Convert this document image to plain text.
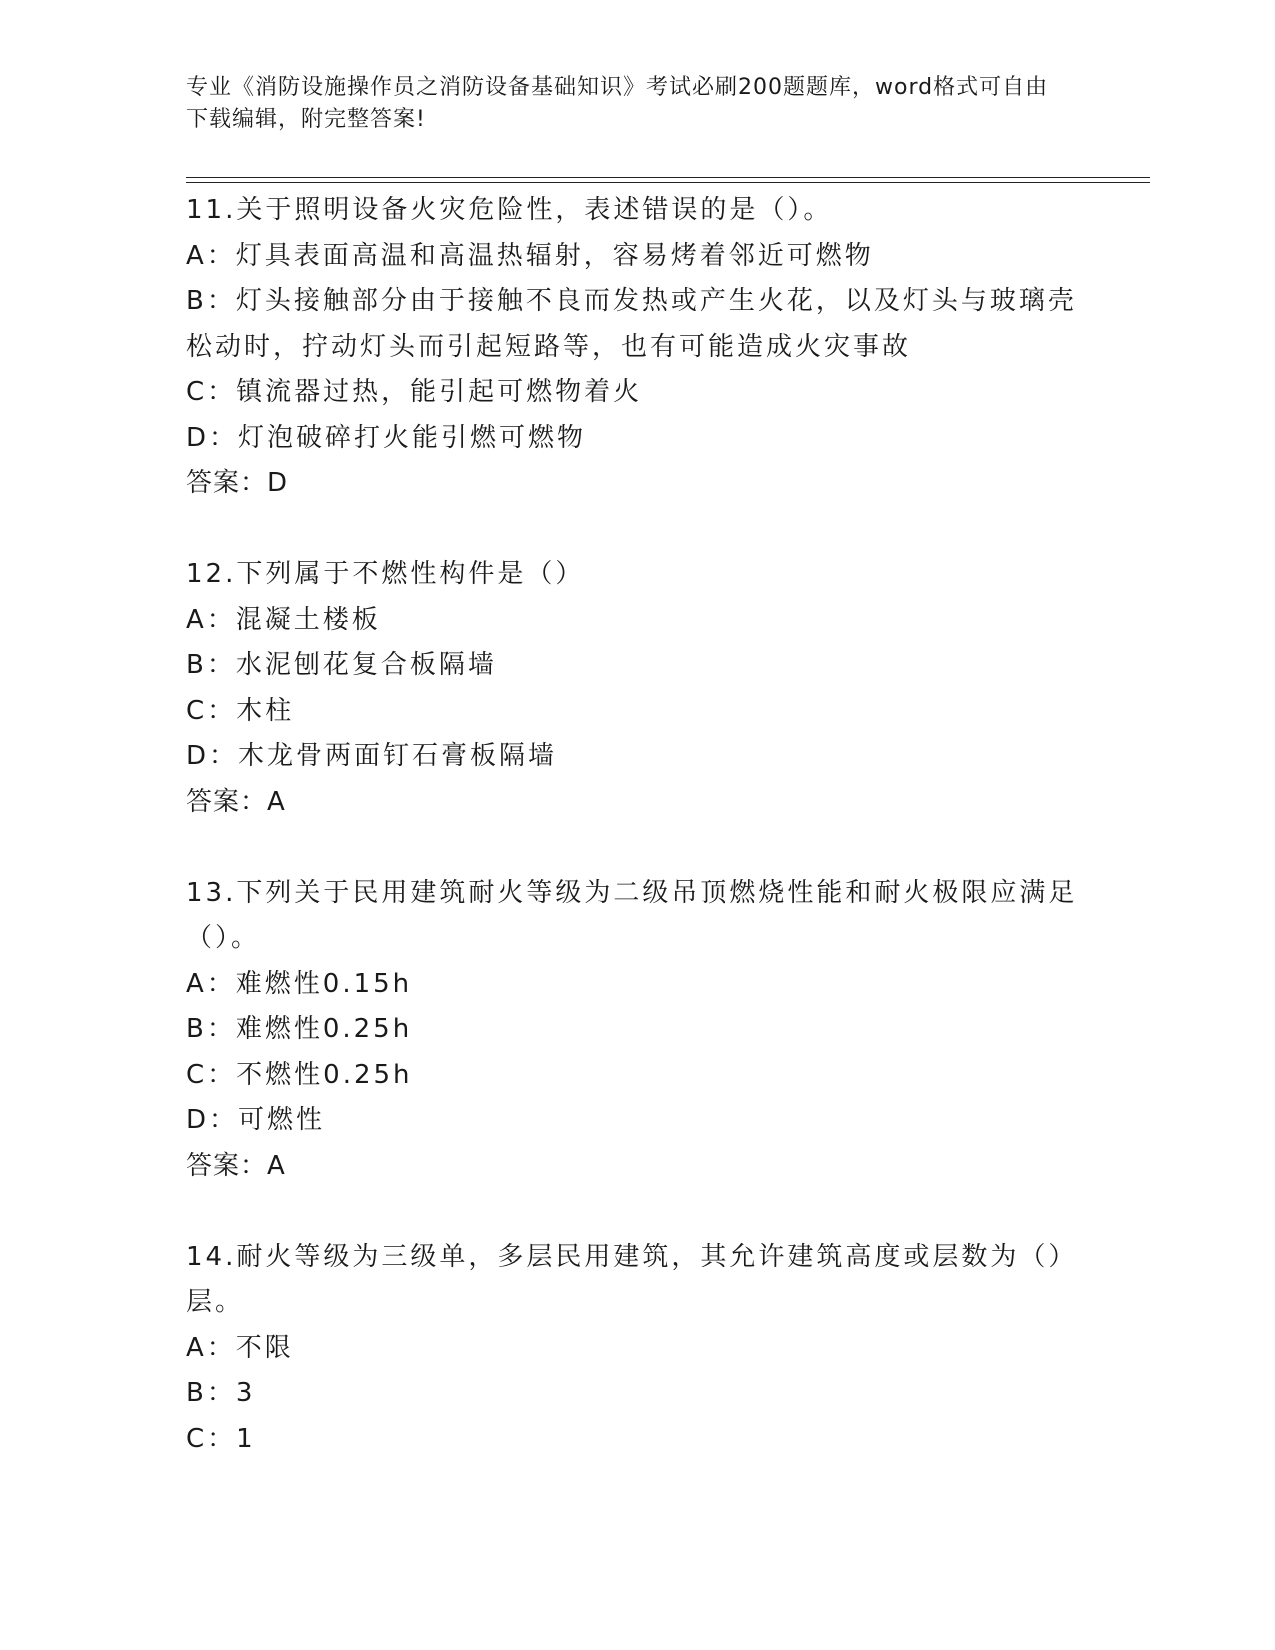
专业《消防设施操作员之消防设备基础知识》考试必刷200题题库，word格式可自由下载编辑，附完整答案!
11.关于照明设备火灾危险性，表述错误的是（）。
A：灯具表面高温和高温热辐射，容易烤着邻近可燃物
B：灯头接触部分由于接触不良而发热或产生火花，以及灯头与玻璃壳松动时，拧动灯头而引起短路等，也有可能造成火灾事故
C：镇流器过热，能引起可燃物着火
D：灯泡破碎打火能引燃可燃物
答案：D
12.下列属于不燃性构件是（）
A：混凝土楼板
B：水泥刨花复合板隔墙
C：木柱
D：木龙骨两面钉石膏板隔墙
答案：A
13.下列关于民用建筑耐火等级为二级吊顶燃烧性能和耐火极限应满足（）。
A：难燃性0.15h
B：难燃性0.25h
C：不燃性0.25h
D：可燃性
答案：A
14.耐火等级为三级单，多层民用建筑，其允许建筑高度或层数为（）层。
A：不限
B：3
C：1
